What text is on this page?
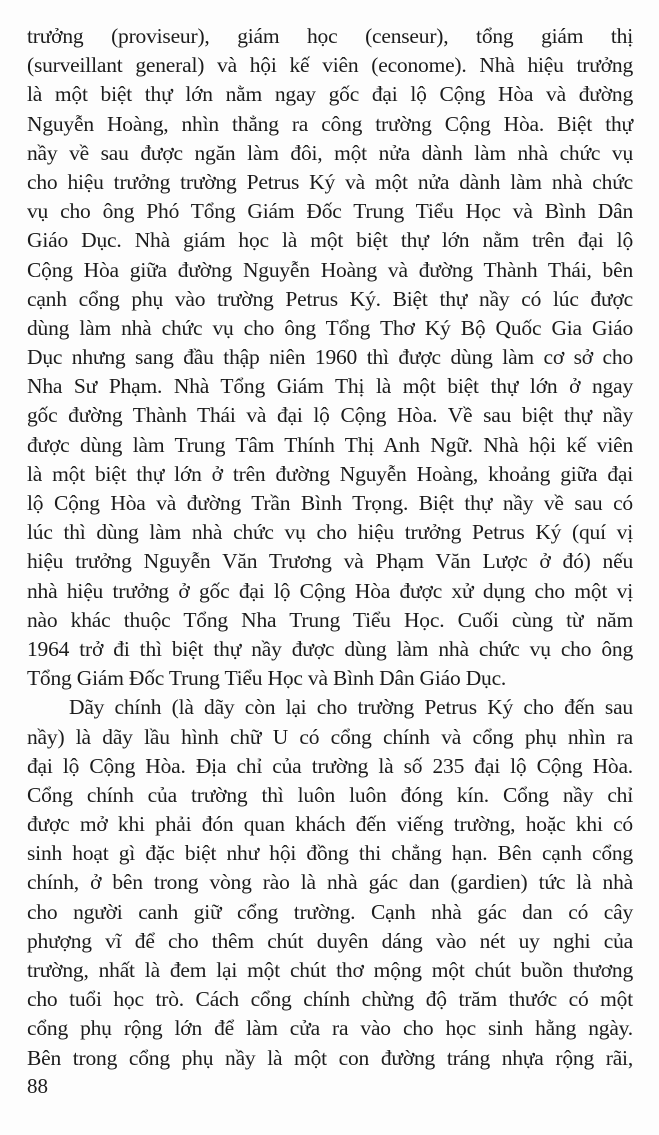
trưởng (proviseur), giám học (censeur), tổng giám thị
(surveillant general) và hội kế viên (econome). Nhà hiệu trưởng
là một biệt thự lớn nằm ngay gốc đại lộ Cộng Hòa và đường
Nguyễn Hoàng, nhìn thẳng ra công trường Cộng Hòa. Biệt thự
nầy về sau được ngăn làm đôi, một nửa dành làm nhà chức vụ
cho hiệu trưởng trường Petrus Ký và một nửa dành làm nhà chức
vụ cho ông Phó Tổng Giám Đốc Trung Tiểu Học và Bình Dân
Giáo Dục. Nhà giám học là một biệt thự lớn nằm trên đại lộ
Cộng Hòa giữa đường Nguyễn Hoàng và đường Thành Thái, bên
cạnh cổng phụ vào trường Petrus Ký. Biệt thự nầy có lúc được
dùng làm nhà chức vụ cho ông Tổng Thơ Ký Bộ Quốc Gia Giáo
Dục nhưng sang đầu thập niên 1960 thì được dùng làm cơ sở cho
Nha Sư Phạm. Nhà Tổng Giám Thị là một biệt thự lớn ở ngay
gốc đường Thành Thái và đại lộ Cộng Hòa. Về sau biệt thự nầy
được dùng làm Trung Tâm Thính Thị Anh Ngữ. Nhà hội kế viên
là một biệt thự lớn ở trên đường Nguyễn Hoàng, khoảng giữa đại
lộ Cộng Hòa và đường Trần Bình Trọng. Biệt thự nầy về sau có
lúc thì dùng làm nhà chức vụ cho hiệu trưởng Petrus Ký (quí vị
hiệu trưởng Nguyễn Văn Trương và Phạm Văn Lược ở đó) nếu
nhà hiệu trưởng ở gốc đại lộ Cộng Hòa được xử dụng cho một vị
nào khác thuộc Tổng Nha Trung Tiểu Học. Cuối cùng từ năm
1964 trở đi thì biệt thự nầy được dùng làm nhà chức vụ cho ông
Tổng Giám Đốc Trung Tiểu Học và Bình Dân Giáo Dục.
Dãy chính (là dãy còn lại cho trường Petrus Ký cho đến sau
nầy) là dãy lầu hình chữ U có cổng chính và cổng phụ nhìn ra
đại lộ Cộng Hòa. Địa chỉ của trường là số 235 đại lộ Cộng Hòa.
Cổng chính của trường thì luôn luôn đóng kín. Cổng nầy chỉ
được mở khi phải đón quan khách đến viếng trường, hoặc khi có
sinh hoạt gì đặc biệt như hội đồng thi chẳng hạn. Bên cạnh cổng
chính, ở bên trong vòng rào là nhà gác dan (gardien) tức là nhà
cho người canh giữ cổng trường. Cạnh nhà gác dan có cây
phượng vĩ để cho thêm chút duyên dáng vào nét uy nghi của
trường, nhất là đem lại một chút thơ mộng một chút buồn thương
cho tuổi học trò. Cách cổng chính chừng độ trăm thước có một
cổng phụ rộng lớn để làm cửa ra vào cho học sinh hằng ngày.
Bên trong cổng phụ nầy là một con đường tráng nhựa rộng rãi,
88
